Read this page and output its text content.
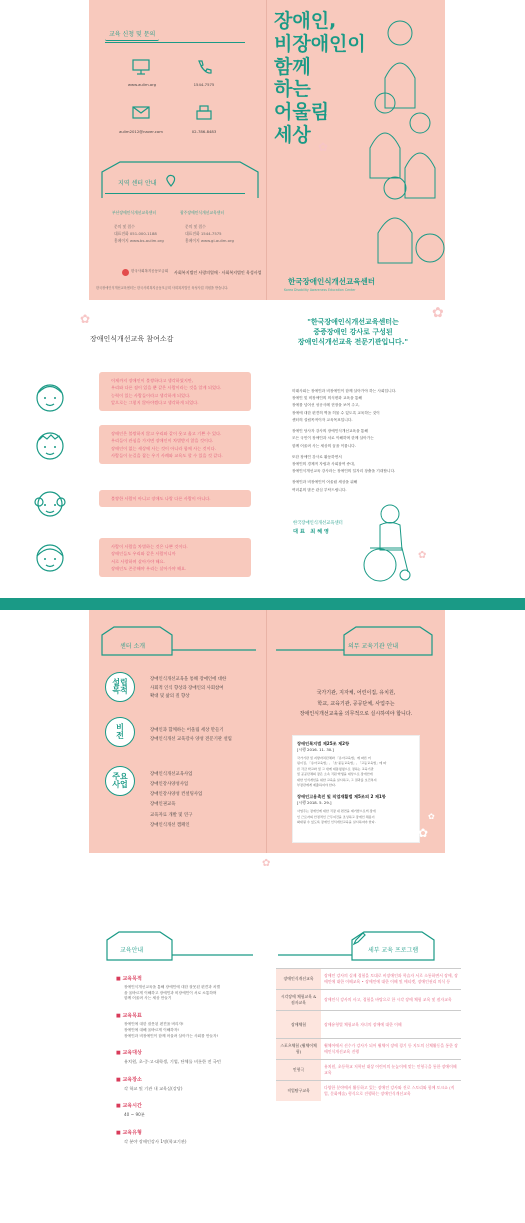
교육 신청 및 문의
www.aulim.org	1544-7575
aulim2012@naver.com	02-786-8483
지역 센터 안내
부산장애인식개선교육센터
문의 및 접수
대표전화 051-000-1188
홈페이지 www.bs-aulim.org
광주장애인식개선교육센터
문의 및 접수
대표전화 1544-7575
홈페이지 www.gi-aulim.org
한국사회복지공동모금회	사회복지법인 사랑의열매 · 사회복지법인 육성사업
한국장애인식개선교육센터는 한국사회복지공동모금회 사회복지법인 육성사업 지원을 받습니다.
장애인,
비장애인이
함께
하는
어울림
세상
✿
한국장애인식개선교육센터
Korea Disability Awareness Education Center
✿
장애인식개선교육 참여소감
이제까지 장애인이 불쌍하다고 생각하였지만,
우리와 다른 점이 있을 뿐 같은 사람이라는 것을 알게 되었다.
능력이 있는 사람들이라고 생각하게 되었다.
앞으로는 그렇지 않아야겠다고 생각하게 되었다.
장애인은 불쌍하지 않고 우리와 같이 웃고 울고 기쁜 수 있다.
우리들이 관심을 가지면 장애인이 차별받지 않을 것이다.
장애인이 없는 세상에 사는 것이 아니라 함께 사는 것이다.
사람들이 눈길을 잡는 우기 사례와 교육도 할 수 있을 것 같다.
불쌍한 사람이 아니고 장애도 나랑 다른 사람이 아니다.
사람이 사람을 차별하는 것은 나쁜 것이다.
장애인들도 우리와 같은 사람이니까
서로 사랑하며 살아가야 해요.
장애인도 존중해야 우리는 살아가야 해요.
✿
"한국장애인식개선교육센터는
중증장애인 강사로 구성된
장애인식개선교육 전문기관입니다."
미래사회는 장애인과 비장애인이 함께 살아가야 하는 사회입니다.
장애인 및 비장애인의 의식변화 교육을 통해
장애를 넘어선 성공사례 현장을 보여 주고,
장애에 대한 편견의 벽을 허물 수 있도록 교육하는 것이
센터의 설립목적이자 교육목표입니다.
장애인 당사자 강사의 장애인식개선교육을 통해
모든 국민이 장애인과 서로 이해하며 한께 살아가는
함께 어울려 사는 세상의 꿈을 이룹니다.
또한 장애인 강사로 활동하면서
장애인의 경제적 자립과 사회참여 증대,
장애인식개선교육 강사라는 장애인의 일자리 창출을 기대합니다.
장애인과 비장애인이 어울림 세상을 위해
여러분의 많은 관심 부탁드립니다.
한국장애인식개선교육센터
대 표   최 혜 영
✿
센터 소개
설립 목적
장애인식개선교육을 통해 장애인에 대한
사회적 인식 향상과 장애인의 사회참여
확대 및 삶의 질 향상
비전
장애인과 함께하는 어울림 세상 만들기
장애인식개선 교육강사 양성 전문기관 설립
주요 사업
장애인식개선교육사업
장애인강사양성사업
장애인강사양성 컨설팅사업
장애인권교육
교육자료 개발 및 연구
장애인식개선 캠페인
의무 교육기관 안내
국가기관, 지자체, 어린이집, 유치원,
학교, 교육기관, 공공단체, 사업주는
장애인식개선교육을 의무적으로 실시하여야 합니다.
장애인복지법 제25조 제2항
[시행 2016. 11. 30.]
국가기관 및 지방자치단체와 「유아교육법」에 따른 어
린이집, 「유아교육법」, 「초·중등교육법」, 「고등교육법」에 따
른 각급 학교와 및 그 밖에 대통령령으로 정하는 교육기관
및 공공단체의 장은 소속 직원·학생을 대상으로 장애인에
대한 인식개선을 위한 교육을 실시하고, 그 결과를 보건복지
부장관에게 제출하여야 한다.
장애인고용촉진 및 직업재활법 제5조의 2 제1항
[시행 2018. 5. 29.]
사업주는 장애인에 대한 직장 내 편견을 제거함으로써 장애
인 근로자의 안정적인 근무여건을 조성하고 장애인 채용이
확대될 수 있도록 장애인 인식개선교육을 실시하여야 한다.
✿
✿
✿
교육안내
■ 교육목적
장애인식개선교육을 통해 장애인에 대한 잘못된 편견과 차별
을 올바르게 이해하고 장애인과 비장애인이 서로 소통하며
함께 어울려 사는 세상 만들기
■ 교육목표
장애인에 대한 잘못된 편견을 버리자!
장애인에 대해 올바르게 이해하자!
장애인과 비장애인이 함께 어울려 살아가는 사회를 만들자!
■ 교육대상
유치원, 초·중·고·대학생, 기업, 단체를 비롯한 전 국민
■ 교육장소
각 학교 및 기관 내 교육실(강당)
■ 교육시간
40 ~ 90분
■ 교육유형
각 분야 장애인강사 1명(학교기관)
세부 교육 프로그램
장애인식개선교육	장애인 강사의 실제 경험을 토대로 비장애인과 학습자 서로 소통하면서 장애, 장애인에 대한 이해교육 • 장애인에 대한 이해 및 에티켓, 장애인권리 의식 등
시각장애 체험교육 & 점자교육	장애인식 강사의 사고, 경험을 바탕으로 한 시각 장애 체험 교육 및 점자교육
장애체험	장애유형별 체험교육 자녀의 장애에 대한 이해
스포츠체험 (휠체어체험)	휠체어에서 선수가 강사가 되어 휠체어 장애 경기 등 지도의 신체활동을 통한 장애인식개선교육 진행
인형극	유치원, 초등학교 저학년 대상 어린이의 눈높이에 맞는 인형극을 통한 장애이해 교육
직업탐구교육	다양한 분야에서 활동하고 있는 장애인 강사와 진로 스토리와 함께 토크쇼 (직업, 문화예술) 형식으로 진행하는 장애인식개선교육
